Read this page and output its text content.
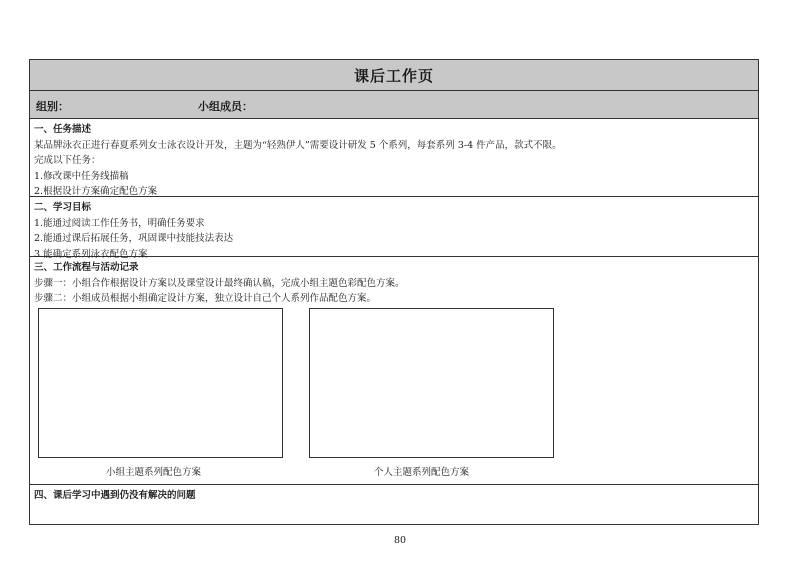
课后工作页
组别：	小组成员：
一、任务描述
某品牌泳衣正进行春夏系列女士泳衣设计开发，主题为“轻熟伊人”需要设计研发 5 个系列，每套系列 3-4 件产品，款式不限。
完成以下任务：
1.修改课中任务线描稿
2.根据设计方案确定配色方案
二、学习目标
1.能通过阅读工作任务书，明确任务要求
2.能通过课后拓展任务，巩固课中技能技法表达
3.能确定系列泳衣配色方案
三、工作流程与活动记录
步骤一：小组合作根据设计方案以及课堂设计最终确认稿，完成小组主题色彩配色方案。
步骤二：小组成员根据小组确定设计方案，独立设计自己个人系列作品配色方案。
小组主题系列配色方案	个人主题系列配色方案
四、课后学习中遇到仍没有解决的问题
80
